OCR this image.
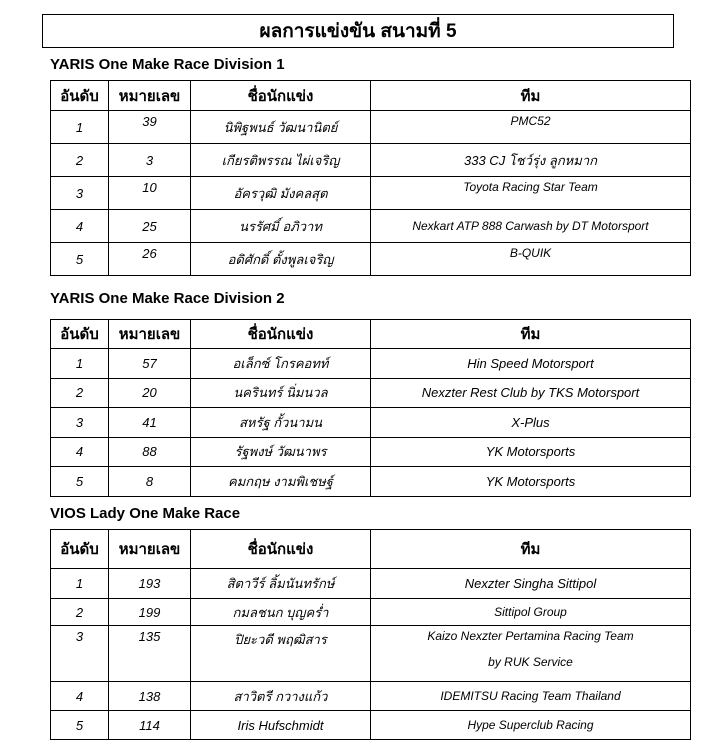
ผลการแข่งขัน สนามที่ 5
YARIS One Make Race Division 1
อันดับ	หมายเลข	ชื่อนักแข่ง	ทีม
1	39	นิพิฐพนธ์ วัฒนานิตย์	PMC52
2	3	เกียรติพรรณ ไผ่เจริญ	333 CJ โชว์รุ่ง ลูกหมาก
3	10	อัครวุฒิ มังคลสุต	Toyota Racing Star Team
4	25	นรรัศมิ์ อภิวาท	Nexkart ATP 888 Carwash by DT Motorsport
5	26	อดิศักดิ์ ตั้งพูลเจริญ	B-QUIK
YARIS One Make Race Division 2
อันดับ	หมายเลข	ชื่อนักแข่ง	ทีม
1	57	อเล็กซ์ โกรคอทท์	Hin Speed Motorsport
2	20	นครินทร์ นิ่มนวล	Nexzter Rest Club by TKS Motorsport
3	41	สหรัฐ กั้วนามน	X-Plus
4	88	รัฐพงษ์ วัฒนาพร	YK Motorsports
5	8	คมกฤษ งามพิเชษฐ์	YK Motorsports
VIOS Lady One Make Race
อันดับ	หมายเลข	ชื่อนักแข่ง	ทีม
1	193	สิตาวีร์ ลิ้มนันทรักษ์	Nexzter Singha Sittipol
2	199	กมลชนก บุญคร่ำ	Sittipol Group
3	135	ปิยะวดี พฤฒิสาร	Kaizo Nexzter Pertamina Racing Team
by RUK Service

4	138	สาวิตรี กวางแก้ว	IDEMITSU Racing Team Thailand
5	114	Iris Hufschmidt	Hype Superclub Racing
